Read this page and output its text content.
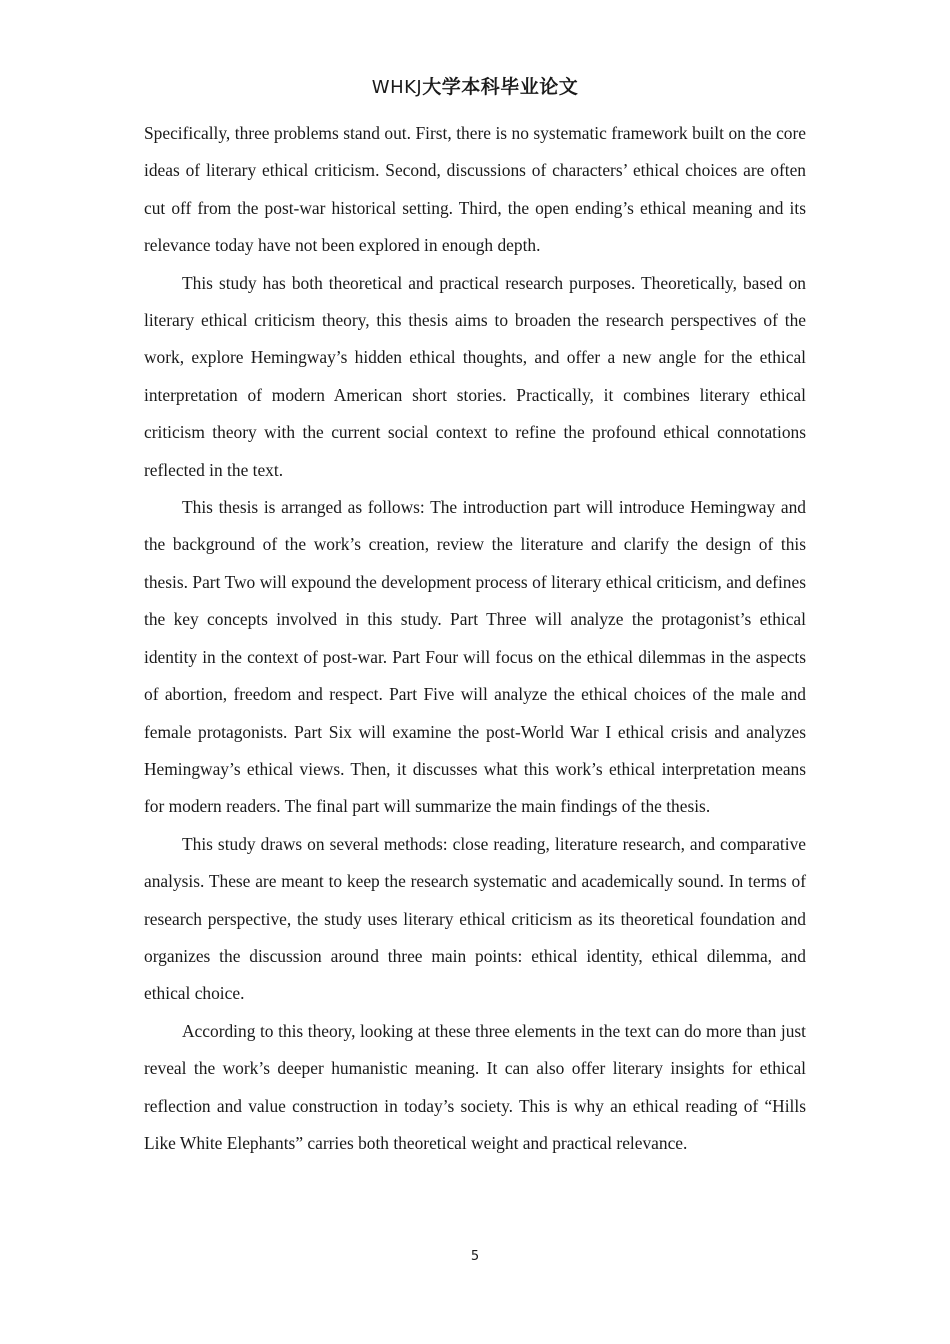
WHKJ大学本科毕业论文

Specifically, three problems stand out. First, there is no systematic framework built on the core ideas of literary ethical criticism. Second, discussions of characters’ ethical choices are often cut off from the post-war historical setting. Third, the open ending’s ethical meaning and its relevance today have not been explored in enough depth.

This study has both theoretical and practical research purposes. Theoretically, based on literary ethical criticism theory, this thesis aims to broaden the research perspectives of the work, explore Hemingway’s hidden ethical thoughts, and offer a new angle for the ethical interpretation of modern American short stories. Practically, it combines literary ethical criticism theory with the current social context to refine the profound ethical connotations reflected in the text.

This thesis is arranged as follows: The introduction part will introduce Hemingway and the background of the work’s creation, review the literature and clarify the design of this thesis. Part Two will expound the development process of literary ethical criticism, and defines the key concepts involved in this study. Part Three will analyze the protagonist’s ethical identity in the context of post-war. Part Four will focus on the ethical dilemmas in the aspects of abortion, freedom and respect. Part Five will analyze the ethical choices of the male and female protagonists. Part Six will examine the post-World War I ethical crisis and analyzes Hemingway’s ethical views. Then, it discusses what this work’s ethical interpretation means for modern readers. The final part will summarize the main findings of the thesis.

This study draws on several methods: close reading, literature research, and comparative analysis. These are meant to keep the research systematic and academically sound. In terms of research perspective, the study uses literary ethical criticism as its theoretical foundation and organizes the discussion around three main points: ethical identity, ethical dilemma, and ethical choice.

According to this theory, looking at these three elements in the text can do more than just reveal the work’s deeper humanistic meaning. It can also offer literary insights for ethical reflection and value construction in today’s society. This is why an ethical reading of “Hills Like White Elephants” carries both theoretical weight and practical relevance.

5
